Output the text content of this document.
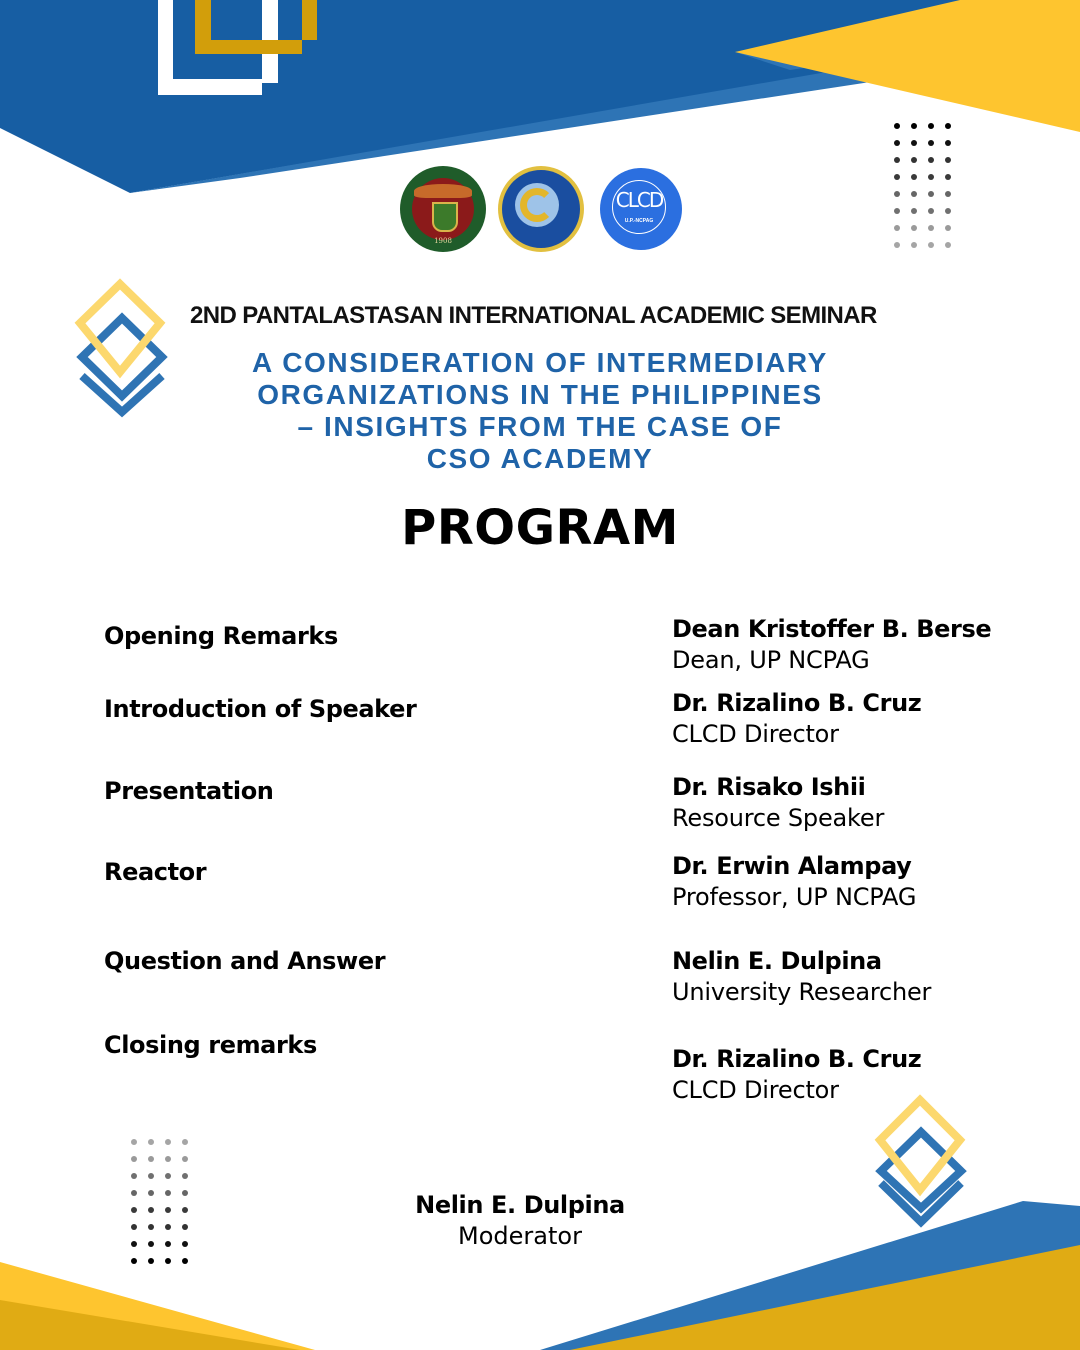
1908
CLCD
U.P.-NCPAG
2ND PANTALASTASAN INTERNATIONAL ACADEMIC SEMINAR
A CONSIDERATION OF INTERMEDIARY
ORGANIZATIONS IN THE PHILIPPINES
– INSIGHTS FROM THE CASE OF
CSO ACADEMY
PROGRAM
Opening Remarks	Dean Kristoffer B. Berse
Dean, UP NCPAG
Introduction of Speaker	Dr. Rizalino B. Cruz
CLCD Director
Presentation	Dr. Risako Ishii
Resource Speaker
Reactor	Dr. Erwin Alampay
Professor, UP NCPAG
Question and Answer	Nelin E. Dulpina
University Researcher
Closing remarks	Dr. Rizalino B. Cruz
CLCD Director
Nelin E. Dulpina
Moderator
